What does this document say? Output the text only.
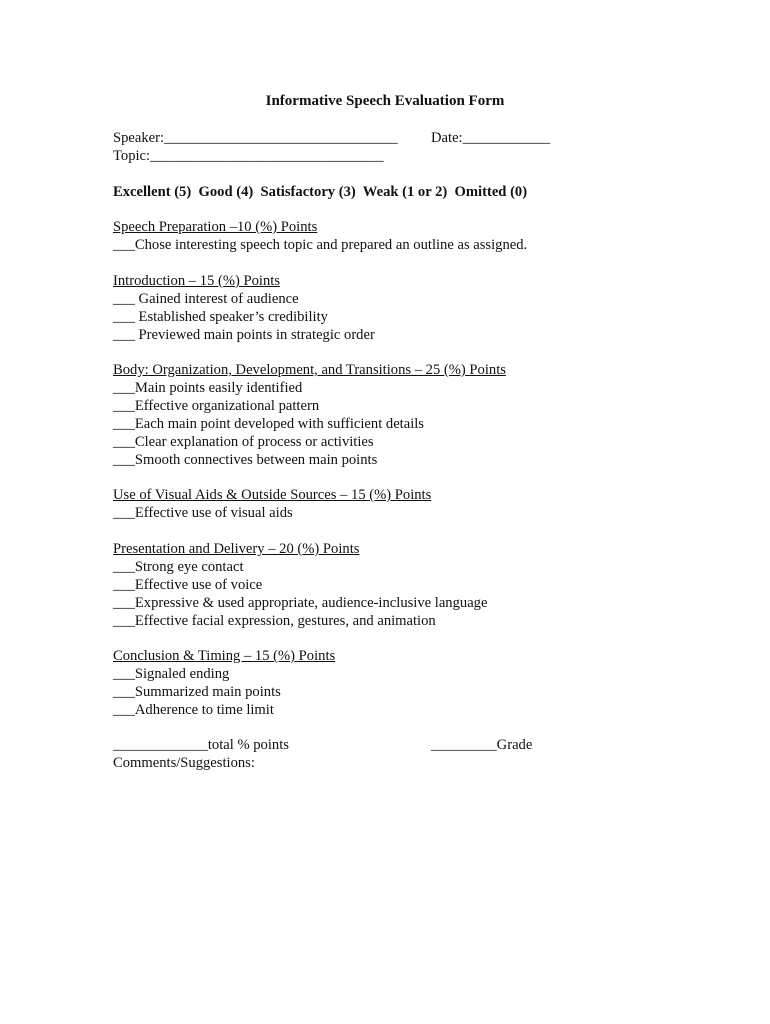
Informative Speech Evaluation Form
Speaker:________________________________ Date:____________
Topic:________________________________
Excellent (5)  Good (4)  Satisfactory (3)  Weak (1 or 2)  Omitted (0)
Speech Preparation –10 (%) Points
___Chose interesting speech topic and prepared an outline as assigned.
Introduction – 15 (%) Points
___ Gained interest of audience
___ Established speaker’s credibility
___ Previewed main points in strategic order
Body: Organization, Development, and Transitions – 25 (%) Points
___Main points easily identified
___Effective organizational pattern
___Each main point developed with sufficient details
___Clear explanation of process or activities
___Smooth connectives between main points
Use of Visual Aids & Outside Sources – 15 (%) Points
___Effective use of visual aids
Presentation and Delivery – 20 (%) Points
___Strong eye contact
___Effective use of voice
___Expressive & used appropriate, audience-inclusive language
___Effective facial expression, gestures, and animation
Conclusion & Timing – 15 (%) Points
___Signaled ending
___Summarized main points
___Adherence to time limit
_____________total % points	_________Grade
Comments/Suggestions:
